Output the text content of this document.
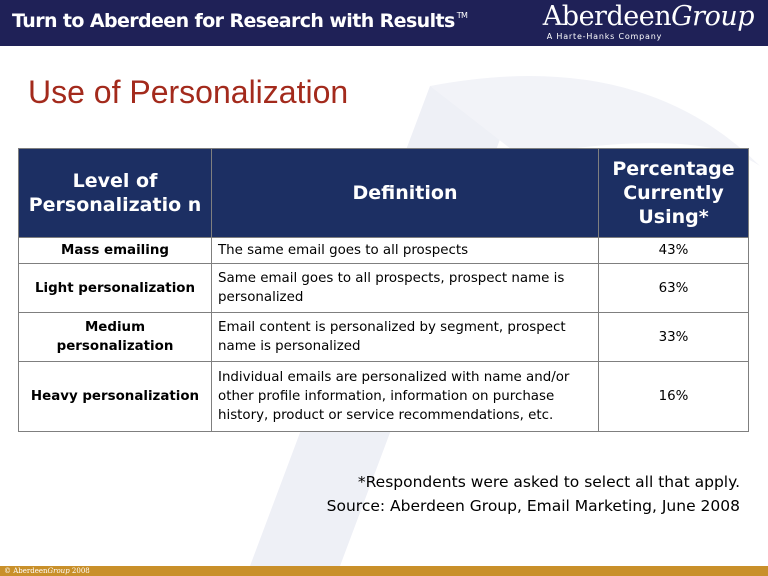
Turn to Aberdeen for Research with Results ™	AberdeenGroup
A Harte-Hanks Company
Use of Personalization
Level of Personalizatio n	Definition	Percentage Currently Using*
Mass emailing	The same email goes to all prospects	43%
Light personalization	Same email goes to all prospects, prospect name is personalized	63%
Medium personalization	Email content is personalized by segment, prospect name is personalized	33%
Heavy personalization	Individual emails are personalized with name and/or other profile information, information on purchase history, product or service recommendations, etc.	16%
*Respondents were asked to select all that apply.
Source: Aberdeen Group, Email Marketing, June 2008
© AberdeenGroup 2008
